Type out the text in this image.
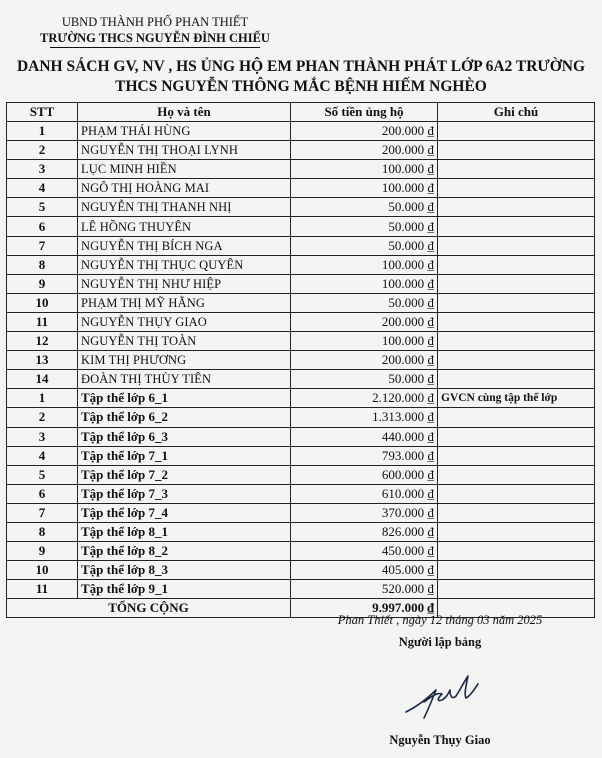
UBND THÀNH PHỐ PHAN THIẾT
TRƯỜNG THCS NGUYỄN ĐÌNH CHIỂU
DANH SÁCH GV, NV , HS ỦNG HỘ EM PHAN THÀNH PHÁT LỚP 6A2 TRƯỜNG
THCS NGUYỄN THÔNG MẮC BỆNH HIẾM NGHÈO
STT	Họ và tên	Số tiền ủng hộ	Ghi chú
1	PHẠM THÁI HÙNG	200.000 ₫	
2	NGUYỄN THỊ THOẠI LYNH	200.000 ₫	
3	LỤC MINH HIỀN	100.000 ₫	
4	NGÔ THỊ HOÀNG MAI	100.000 ₫	
5	NGUYỄN THỊ THANH NHỊ	50.000 ₫	
6	LÊ HỒNG THUYÊN	50.000 ₫	
7	NGUYỄN THỊ BÍCH NGA	50.000 ₫	
8	NGUYỄN THỊ THỤC QUYÊN	100.000 ₫	
9	NGUYỄN THỊ NHƯ HIỆP	100.000 ₫	
10	PHẠM THỊ MỸ HẰNG	50.000 ₫	
11	NGUYỄN THỤY GIAO	200.000 ₫	
12	NGUYỄN THỊ TOÀN	100.000 ₫	
13	KIM THỊ PHƯƠNG	200.000 ₫	
14	ĐOÀN THỊ THÙY TIÊN	50.000 ₫	
1	Tập thể lớp 6_1	2.120.000 ₫	GVCN cùng tập thể lớp
2	Tập thể lớp 6_2	1.313.000 ₫	
3	Tập thể lớp 6_3	440.000 ₫	
4	Tập thể lớp 7_1	793.000 ₫	
5	Tập thể lớp 7_2	600.000 ₫	
6	Tập thể lớp 7_3	610.000 ₫	
7	Tập thể lớp 7_4	370.000 ₫	
8	Tập thể lớp 8_1	826.000 ₫	
9	Tập thể lớp 8_2	450.000 ₫	
10	Tập thể lớp 8_3	405.000 ₫	
11	Tập thể lớp 9_1	520.000 ₫	
TỔNG CỘNG		9.997.000 ₫	
Phan Thiết , ngày 12 tháng 03 năm 2025
Người lập bảng
Nguyễn Thụy Giao
